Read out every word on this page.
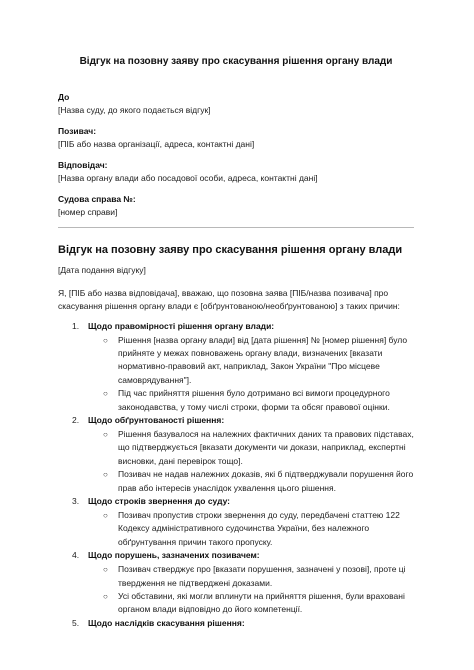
Відгук на позовну заяву про скасування рішення органу влади
До
[Назва суду, до якого подається відгук]
Позивач:
[ПІБ або назва організації, адреса, контактні дані]
Відповідач:
[Назва органу влади або посадової особи, адреса, контактні дані]
Судова справа №:
[номер справи]
Відгук на позовну заяву про скасування рішення органу влади
[Дата подання відгуку]
Я, [ПІБ або назва відповідача], вважаю, що позовна заява [ПІБ/назва позивача] про скасування рішення органу влади є [обґрунтованою/необґрунтованою] з таких причин:
1. Щодо правомірності рішення органу влади:
○
Рішення [назва органу влади] від [дата рішення] № [номер рішення] було прийняте у межах повноважень органу влади, визначених [вказати нормативно-правовий акт, наприклад, Закон України "Про місцеве самоврядування"].
○
Під час прийняття рішення було дотримано всі вимоги процедурного законодавства, у тому числі строки, форми та обсяг правової оцінки.
2. Щодо обґрунтованості рішення:
○
Рішення базувалося на належних фактичних даних та правових підставах, що підтверджується [вказати документи чи докази, наприклад, експертні висновки, дані перевірок тощо].
○
Позивач не надав належних доказів, які б підтверджували порушення його прав або інтересів унаслідок ухвалення цього рішення.
3. Щодо строків звернення до суду:
○
Позивач пропустив строки звернення до суду, передбачені статтею 122 Кодексу адміністративного судочинства України, без належного обґрунтування причин такого пропуску.
4. Щодо порушень, зазначених позивачем:
○
Позивач стверджує про [вказати порушення, зазначені у позові], проте ці твердження не підтверджені доказами.
○
Усі обставини, які могли вплинути на прийняття рішення, були враховані органом влади відповідно до його компетенції.
5. Щодо наслідків скасування рішення:
